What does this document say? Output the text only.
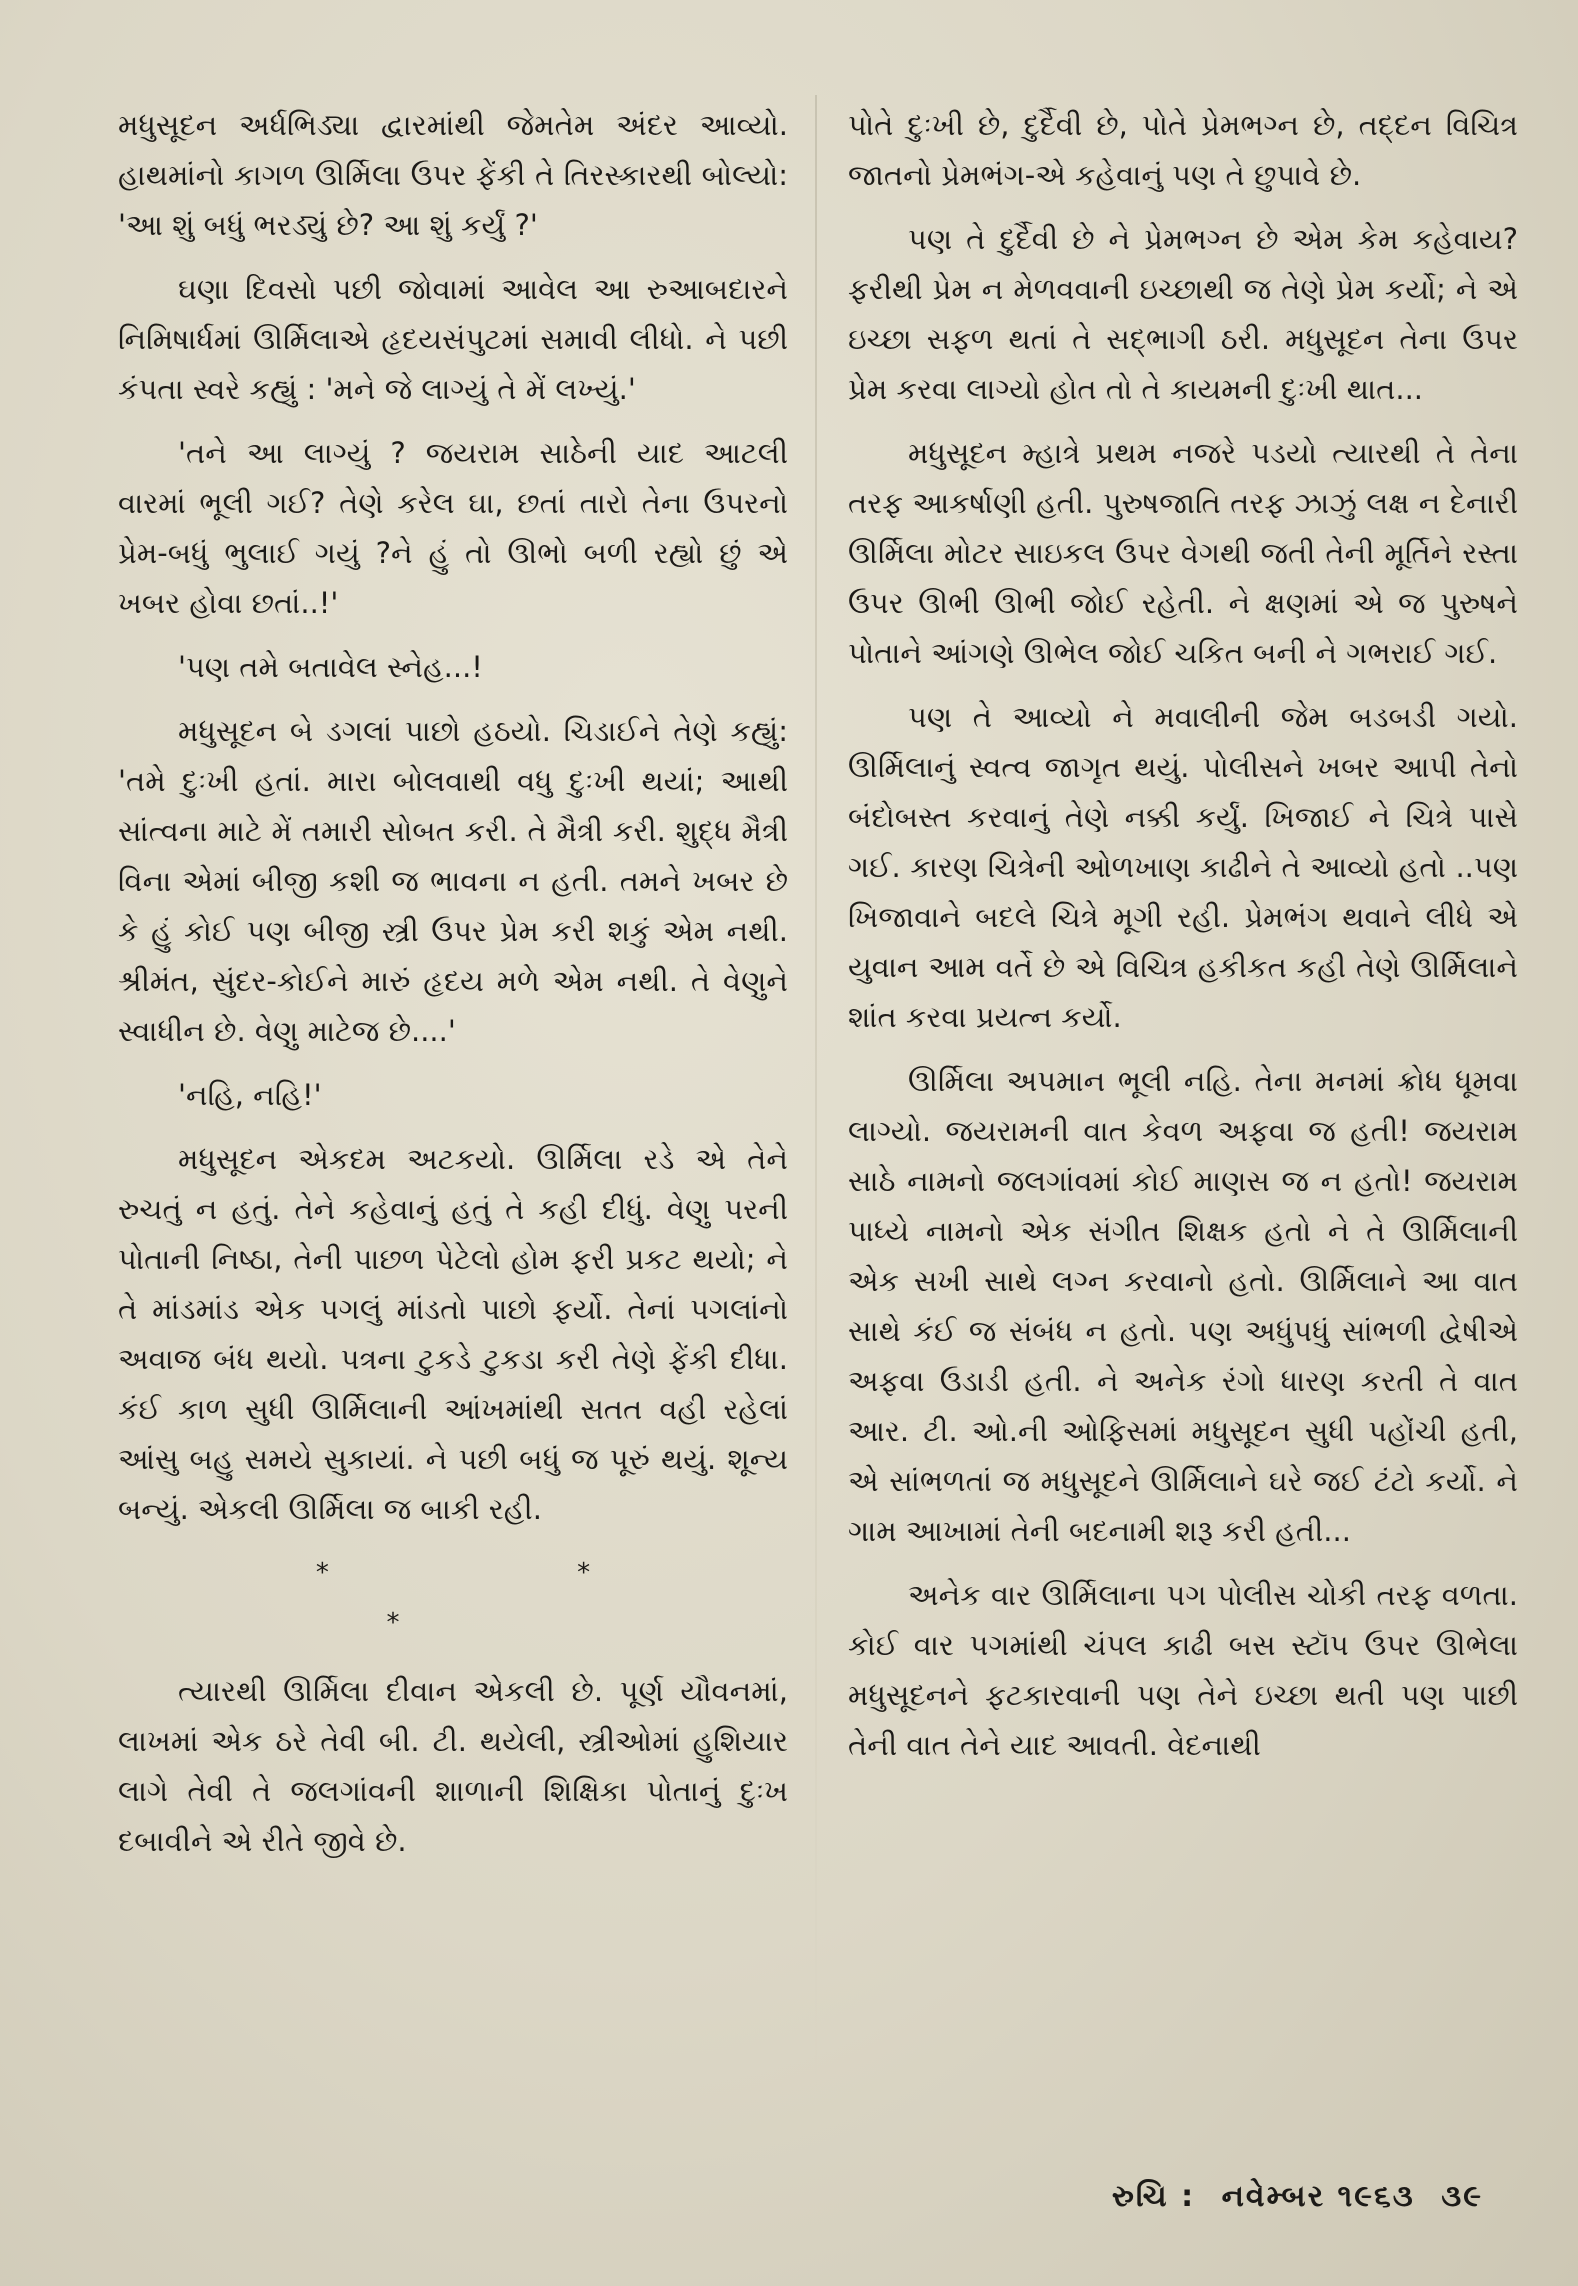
મધુસૂદન અર્ધભિડ્યા દ્વારમાંથી જેમતેમ અંદર આવ્યો. હાથમાંનો કાગળ ઊર્મિલા ઉપર ફેંકી તે તિરસ્કારથી બોલ્યો: 'આ શું બધું ભરડ્યું છે? આ શું કર્યું ?'

ઘણા દિવસો પછી જોવામાં આવેલ આ રુઆબદારને નિમિષાર્ધમાં ઊર્મિલાએ હૃદયસંપુટમાં સમાવી લીધો. ને પછી કંપતા સ્વરે કહ્યું : 'મને જે લાગ્યું તે મેં લખ્યું.'

'તને આ લાગ્યું ? જયરામ સાઠેની યાદ આટલી વારમાં ભૂલી ગઈ? તેણે કરેલ ઘા, છતાં તારો તેના ઉપરનો પ્રેમ-બધું ભુલાઈ ગયું ?ને હું તો ઊભો બળી રહ્યો છું એ ખબર હોવા છતાં..!'

'પણ તમે બતાવેલ સ્નેહ...!

મધુસૂદન બે ડગલાં પાછો હઠયો. ચિડાઈને તેણે કહ્યું: 'તમે દુઃખી હતાં. મારા બોલવાથી વધુ દુઃખી થયાં; આથી સાંત્વના માટે મેં તમારી સોબત કરી. તે મૈત્રી કરી. શુદ્ધ મૈત્રી વિના એમાં બીજી કશી જ ભાવના ન હતી. તમને ખબર છે કે હું કોઈ પણ બીજી સ્ત્રી ઉપર પ્રેમ કરી શકું એમ નથી. શ્રીમંત, સુંદર-કોઈને મારું હૃદય મળે એમ નથી. તે વેણુને સ્વાધીન છે. વેણુ માટેજ છે....'

'નહિ, નહિ!'

મધુસૂદન એકદમ અટકયો. ઊર્મિલા રડે એ તેને રુચતું ન હતું. તેને કહેવાનું હતું તે કહી દીધું. વેણુ પરની પોતાની નિષ્ઠા, તેની પાછળ પેટેલો હોમ ફરી પ્રકટ થયો; ને તે માંડમાંડ એક પગલું માંડતો પાછો ફર્યો. તેનાં પગલાંનો અવાજ બંધ થયો. પત્રના ટુકડે ટુકડા કરી તેણે ફેંકી દીધા. કંઈ કાળ સુધી ઊર્મિલાની આંખમાંથી સતત વહી રહેલાં આંસુ બહુ સમયે સુકાયાં. ને પછી બધું જ પૂરું થયું. શૂન્ય બન્યું. એકલી ઊર્મિલા જ બાકી રહી.

* * *

ત્યારથી ઊર્મિલા દીવાન એકલી છે. પૂર્ણ યૌવનમાં, લાખમાં એક ઠરે તેવી બી. ટી. થયેલી, સ્ત્રીઓમાં હુશિયાર લાગે તેવી તે જલગાંવની શાળાની શિક્ષિકા પોતાનું દુઃખ દબાવીને એ રીતે જીવે છે.

પોતે દુઃખી છે, દુર્દૈવી છે, પોતે પ્રેમભગ્ન છે, તદ્દન વિચિત્ર જાતનો પ્રેમભંગ-એ કહેવાનું પણ તે છુપાવે છે.

પણ તે દુર્દૈવી છે ને પ્રેમભગ્ન છે એમ કેમ કહેવાય? ફરીથી પ્રેમ ન મેળવવાની ઇચ્છાથી જ તેણે પ્રેમ કર્યો; ને એ ઇચ્છા સફળ થતાં તે સદ્ભાગી ઠરી. મધુસૂદન તેના ઉપર પ્રેમ કરવા લાગ્યો હોત તો તે કાયમની દુઃખી થાત...

મધુસૂદન મ્હાત્રે પ્રથમ નજરે પડયો ત્યારથી તે તેના તરફ આકર્ષાણી હતી. પુરુષજાતિ તરફ ઝાઝું લક્ષ ન દેનારી ઊર્મિલા મોટર સાઇકલ ઉપર વેગથી જતી તેની મૂર્તિને રસ્તા ઉપર ઊભી ઊભી જોઈ રહેતી. ને ક્ષણમાં એ જ પુરુષને પોતાને આંગણે ઊભેલ જોઈ ચકિત બની ને ગભરાઈ ગઈ.

પણ તે આવ્યો ને મવાલીની જેમ બડબડી ગયો. ઊર્મિલાનું સ્વત્વ જાગૃત થયું. પોલીસને ખબર આપી તેનો બંદોબસ્ત કરવાનું તેણે નક્કી કર્યું. ખિજાઈ ને ચિત્રે પાસે ગઈ. કારણ ચિત્રેની ઓળખાણ કાઢીને તે આવ્યો હતો ..પણ ખિજાવાને બદલે ચિત્રે મૂગી રહી. પ્રેમભંગ થવાને લીધે એ યુવાન આમ વર્તે છે એ વિચિત્ર હકીકત કહી તેણે ઊર્મિલાને શાંત કરવા પ્રયત્ન કર્યો.

ઊર્મિલા અપમાન ભૂલી નહિ. તેના મનમાં ક્રોધ ધૂમવા લાગ્યો. જયરામની વાત કેવળ અફવા જ હતી! જયરામ સાઠે નામનો જલગાંવમાં કોઈ માણસ જ ન હતો! જયરામ પાધ્યે નામનો એક સંગીત શિક્ષક હતો ને તે ઊર્મિલાની એક સખી સાથે લગ્ન કરવાનો હતો. ઊર્મિલાને આ વાત સાથે કંઈ જ સંબંધ ન હતો. પણ અધુંપધું સાંભળી દ્વેષીએ અફવા ઉડાડી હતી. ને અનેક રંગો ધારણ કરતી તે વાત આર. ટી. ઓ.ની ઓફિસમાં મધુસૂદન સુધી પહોંચી હતી, એ સાંભળતાં જ મધુસૂદને ઊર્મિલાને ઘરે જઈ ટંટો કર્યો. ને ગામ આખામાં તેની બદનામી શરૂ કરી હતી...

અનેક વાર ઊર્મિલાના પગ પોલીસ ચોકી તરફ વળતા. કોઈ વાર પગમાંથી ચંપલ કાઢી બસ સ્ટૉપ ઉપર ઊભેલા મધુસૂદનને ફટકારવાની પણ તેને ઇચ્છા થતી પણ પાછી તેની વાત તેને યાદ આવતી. વેદનાથી

રુચિ : નવેમ્બર ૧૯૬૩ ૩૯
